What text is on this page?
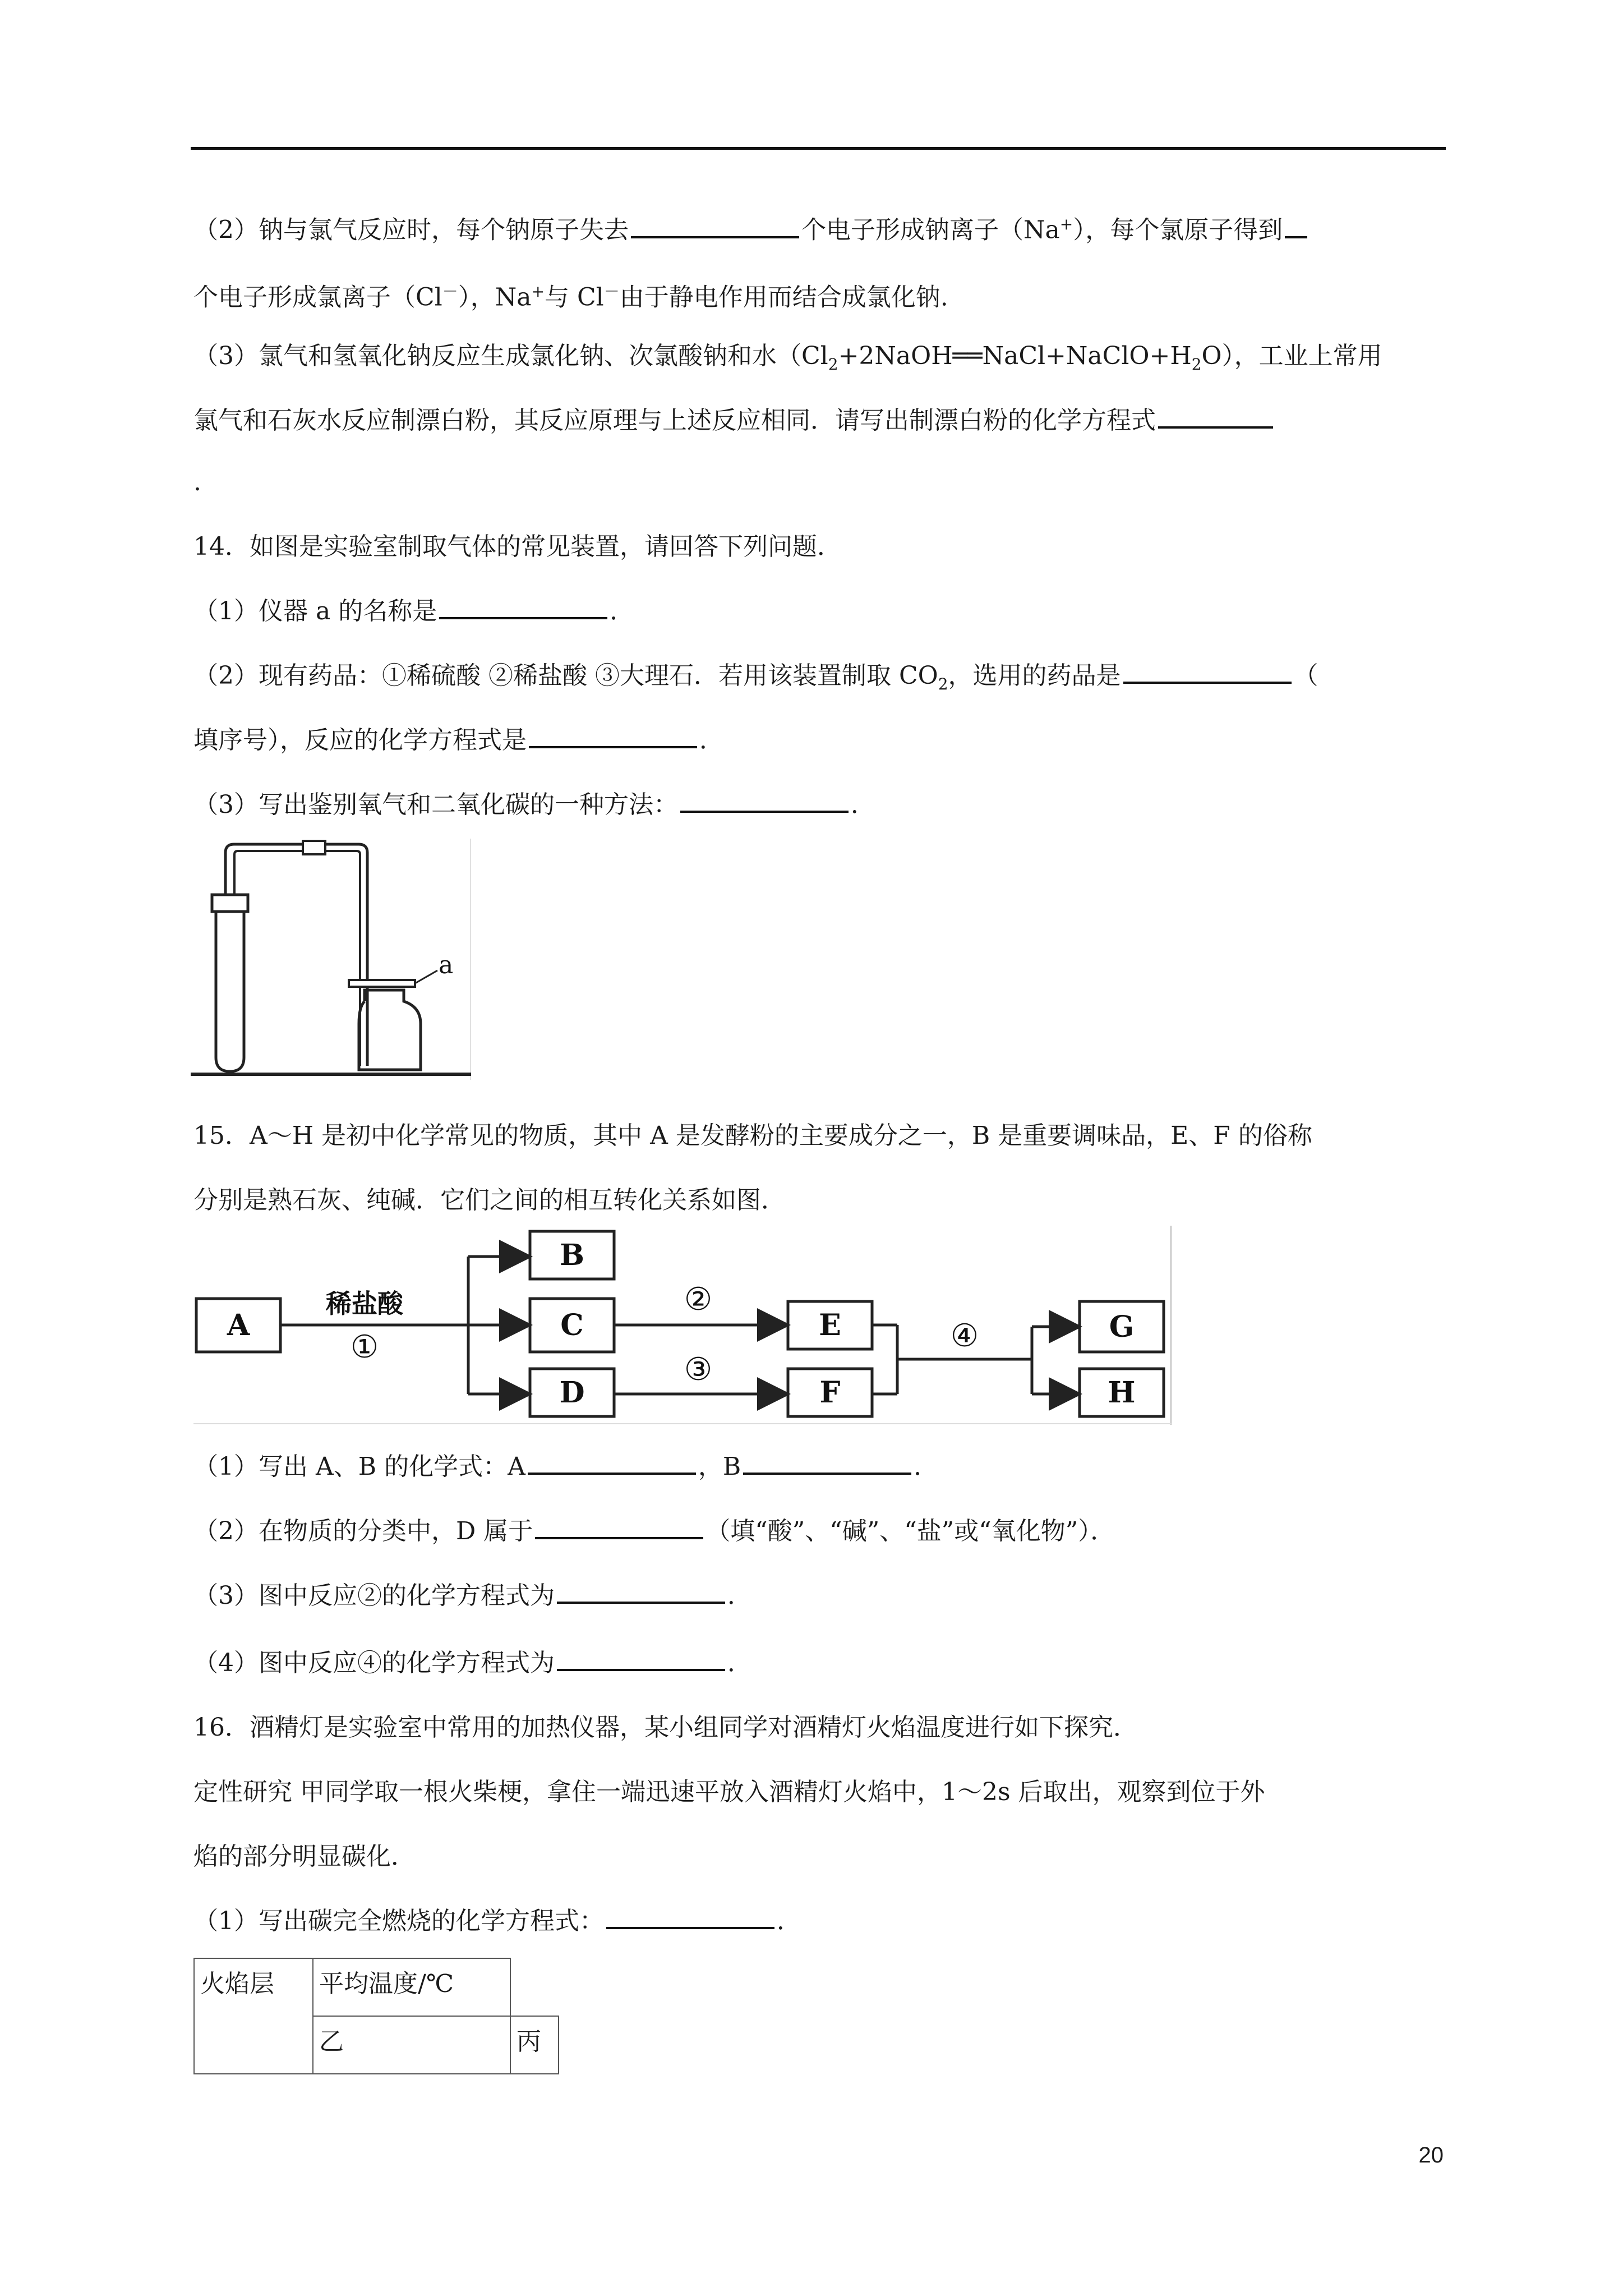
（2）钠与氯气反应时，每个钠原子失去	个电子形成钠离子（Na+），每个氯原子得到
个电子形成氯离子（Cl－），Na+与 Cl－由于静电作用而结合成氯化钠.
（3）氯气和氢氧化钠反应生成氯化钠、次氯酸钠和水$(Cl_2+2NaOH══NaCl+NaClO+H_2O)$，工业上常用
氯气和石灰水反应制漂白粉，其反应原理与上述反应相同．请写出制漂白粉的化学方程式
.
14．如图是实验室制取气体的常见装置，请回答下列问题．
（1）仪器 a 的名称是	．
（2）现有药品：①稀硫酸 ②稀盐酸 ③大理石．若用该装置制取 $CO_2$，选用的药品是	（
填序号），反应的化学方程式是	．
（3）写出鉴别氧气和二氧化碳的一种方法：	．
a
15．A～H 是初中化学常见的物质，其中 A 是发酵粉的主要成分之一，B 是重要调味品，E、F 的俗称
分别是熟石灰、纯碱．它们之间的相互转化关系如图．
A
B
C
D
E
F
G
H
稀盐酸
①
②
③
④
（1）写出 A、B 的化学式：A	，B	．
（2）在物质的分类中，D 属于	（填“酸”、“碱”、“盐”或“氧化物”）．
（3）图中反应②的化学方程式为	．
（4）图中反应④的化学方程式为	．
16．酒精灯是实验室中常用的加热仪器，某小组同学对酒精灯火焰温度进行如下探究．
定性研究 甲同学取一根火柴梗，拿住一端迅速平放入酒精灯火焰中，1～2s 后取出，观察到位于外
焰的部分明显碳化．
（1）写出碳完全燃烧的化学方程式：	．
火焰层	平均温度/℃	
	乙	丙
20
